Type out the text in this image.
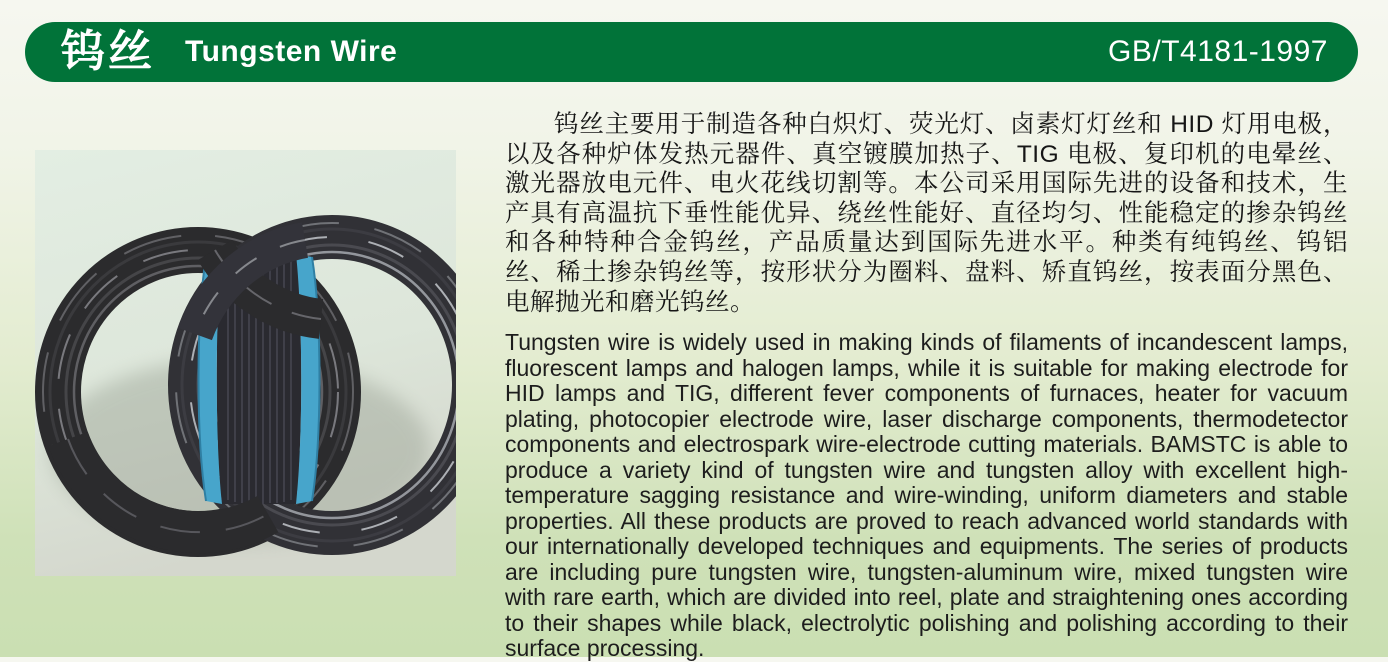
钨丝 Tungsten Wire	GB/T4181-1997

钨丝主要用于制造各种白炽灯、荧光灯、卤素灯灯丝和 HID 灯用电极，以及各种炉体发热元器件、真空镀膜加热子、TIG 电极、复印机的电晕丝、激光器放电元件、电火花线切割等。本公司采用国际先进的设备和技术，生产具有高温抗下垂性能优异、绕丝性能好、直径均匀、性能稳定的掺杂钨丝和各种特种合金钨丝，产品质量达到国际先进水平。种类有纯钨丝、钨铝丝、稀土掺杂钨丝等，按形状分为圈料、盘料、矫直钨丝，按表面分黑色、电解抛光和磨光钨丝。

Tungsten wire is widely used in making kinds of filaments of incandescent lamps, fluorescent lamps and halogen lamps, while it is suitable for making electrode for HID lamps and TIG, different fever components of furnaces, heater for vacuum plating, photocopier electrode wire, laser discharge components, thermodetector components and electrospark wire-electrode cutting materials. BAMSTC is able to produce a variety kind of tungsten wire and tungsten alloy with excellent high-temperature sagging resistance and wire-winding, uniform diameters and stable properties. All these products are proved to reach advanced world standards with our internationally developed techniques and equipments. The series of products are including pure tungsten wire, tungsten-aluminum wire, mixed tungsten wire with rare earth, which are divided into reel, plate and straightening ones according to their shapes while black, electrolytic polishing and polishing according to their surface processing.
